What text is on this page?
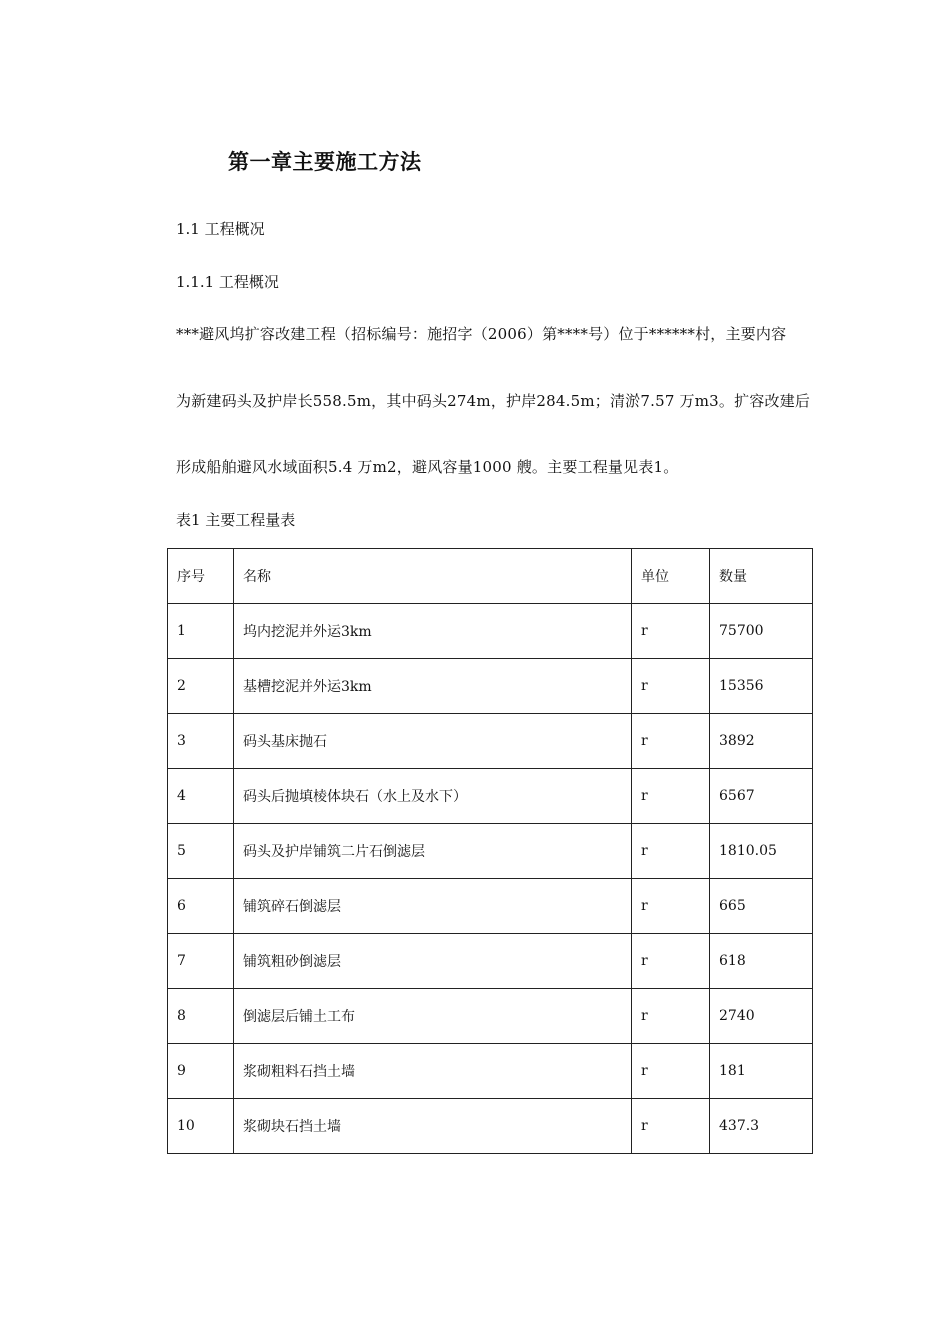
第一章主要施工方法
1.1 工程概况
1.1.1 工程概况
***避风坞扩容改建工程（招标编号：施招字（2006）第****号）位于******村，主要内容
为新建码头及护岸长558.5m，其中码头274m，护岸284.5m；清淤7.57 万m3。扩容改建后
形成船舶避风水域面积5.4 万m2，避风容量1000 艘。主要工程量见表1。
表1 主要工程量表
序号	名称	单位	数量
1	坞内挖泥并外运3km	r	75700
2	基槽挖泥并外运3km	r	15356
3	码头基床抛石	r	3892
4	码头后抛填棱体块石（水上及水下）	r	6567
5	码头及护岸铺筑二片石倒滤层	r	1810.05
6	铺筑碎石倒滤层	r	665
7	铺筑粗砂倒滤层	r	618
8	倒滤层后铺土工布	r	2740
9	浆砌粗料石挡土墙	r	181
10	浆砌块石挡土墙	r	437.3
